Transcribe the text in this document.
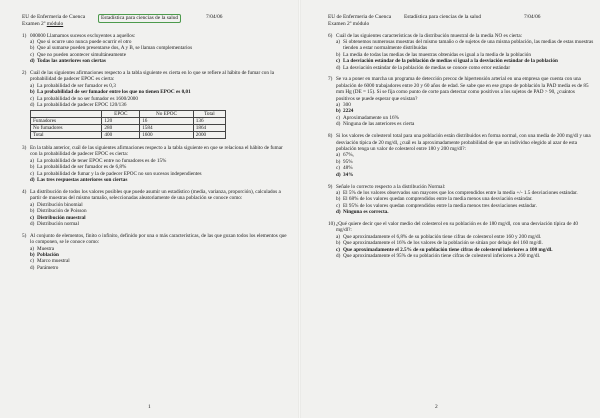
EU de Enfermeria de Cuenca
Examen 2º módulo
Estadística para ciencias de la salud	7/04/06
1) 000000 Llamamos sucesos excluyentes a aquellos:
a) Que si ocurre uno nunca puede ocurrir el otro
b) Que al sumarse pueden presentarse dos, A y B, se llaman complementarios
c) Que no pueden acontecer simultáneamente
d) Todas las anteriores son ciertas
2) Cuál de las siguientes afirmaciones respecto a la tabla siguiente es cierta en lo que se refiere al hábito de fumar con la probabilidad de padecer EPOC es cierta:
a) La probabilidad de ser fumador es 0,3
b) La probabilidad de ser fumador entre los que no tienen EPOC es 0,01
c) La probabilidad de no ser fumador es 1600/2000
d) La probabilidad de padecer EPOC 120/136
	EPOC	No EPOC	Total
Fumadores	120	16	136
No fumadores	280	1584	1864
Total	400	1600	2000
3) En la tabla anterior, cuál de las siguientes afirmaciones respecto a la tabla siguiente en que se relaciona el hábito de fumar con la probabilidad de padecer EPOC es cierta:
a) La probabilidad de tener EPOC entre no fumadores es de 15%
b) La probabilidad de ser fumador es de 6,8%
c) La probabilidad de fumar y la de padecer EPOC no son sucesos independientes
d) Las tres respuestas anteriores son ciertas
4) La distribución de todos los valores posibles que puede asumir un estadístico (media, varianza, proporción), calculados a partir de muestras del mismo tamaño, seleccionadas aleatoriamente de una población se conoce como:
a) Distribución binomial
b) Distribución de Poisson
c) Distribución muestral
d) Distribución normal
5) Al conjunto de elementos, finito o infinito, definido por una o más características, de las que gozan todos los elementos que lo componen, se le conoce como:
a) Muestra
b) Población
c) Marco muestral
d) Parámetro
1
EU de Enfermeria de Cuenca
Examen 2º módulo
Estadística para ciencias de la salud	7/04/06
6) Cuál de las siguientes características de la distribución muestral de la media NO es cierta:
a) Si obtenemos numerosas muestras del mismo tamaño o de sujetos de una misma población, las medias de estas muestras tienden a estar normalmente distribuidas
b) La media de todas las medias de las muestras obtenidas es igual a la media de la población
c) La desviación estándar de la población de medias si igual a la desviación estándar de la población
d) La desviación estándar de la población de medias se conoce como error estándar
7) Se va a poner en marcha un programa de detección precoz de hipertensión arterial en una empresa que cuenta con una población de 6000 trabajadores entre 20 y 60 años de edad. Se sabe que en ese grupo de población la PAD media es de 85 mm Hg (DE = 15). Si se fija como punto de corte para detectar como positivos a los sujetos de PAD > 90, ¿cuántos positivos se puede esperar que existan?
a) 300
b) 2224
c) Aproximadamente un 16%
d) Ninguna de las anteriores es cierta
8) Si los valores de colesterol total para una población están distribuidos en forma normal, con una media de 200 mg/dl y una desviación típica de 20 mg/dl, ¿cuál es la aproximadamente probabilidad de que un individuo elegido al azar de esta población tenga un valor de colesterol entre 180 y 200 mg/dl?:
a) 67%,
b) 95%
c) 48%
d) 34%
9) Señale lo correcto respecto a la distribución Normal:
a) El 5% de los valores observados son mayores que los comprendidos entre la media +/- 1.5 desviaciones estándar.
b) El 68% de los valores quedan comprendidos entre la media menos una desviación estándar.
c) El 95% de los valores quedan comprendidos entre la media menos tres desviaciones estándar.
d) Ninguna es correcta.
10) ¿Qué quiere decir que el valor medio del colesterol en su población es de 180 mg/dl, con una desviación típica de 40 mg/dl?:
a) Que aproximadamente el 6,8% de su población tiene cifras de colesterol entre 160 y 200 mg/dl.
b) Que aproximadamente el 16% de los valores de la población se sitúan por debajo del 160 mg/dl.
c) Que aproximadamente el 2.5% de su población tiene cifras de colesterol inferiores a 100 mg/dl.
d) Que aproximadamente el 95% de su población tiene cifras de colesterol inferiores a 260 mg/dl.
2
